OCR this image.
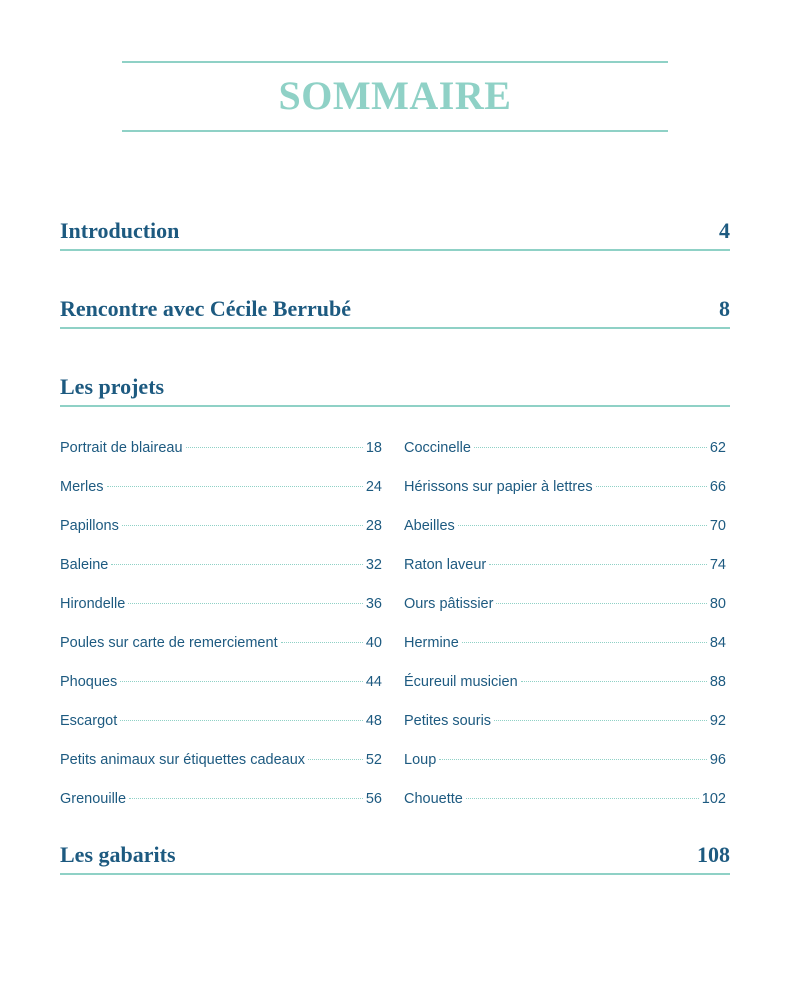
SOMMAIRE
Introduction	4
Rencontre avec Cécile Berrubé	8
Les projets
Portrait de blaireau	18
Merles	24
Papillons	28
Baleine	32
Hirondelle	36
Poules sur carte de remerciement	40
Phoques	44
Escargot	48
Petits animaux sur étiquettes cadeaux	52
Grenouille	56
Coccinelle	62
Hérissons sur papier à lettres	66
Abeilles	70
Raton laveur	74
Ours pâtissier	80
Hermine	84
Écureuil musicien	88
Petites souris	92
Loup	96
Chouette	102
Les gabarits	108
